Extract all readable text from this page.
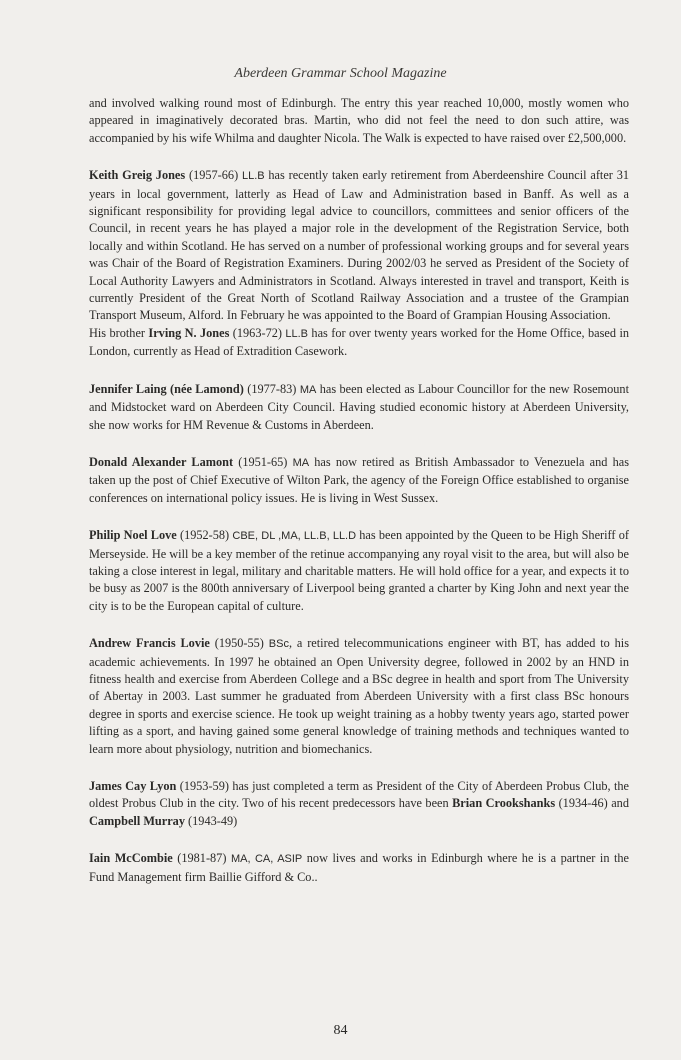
Aberdeen Grammar School Magazine

and involved walking round most of Edinburgh. The entry this year reached 10,000, mostly women who appeared in imaginatively decorated bras. Martin, who did not feel the need to don such attire, was accompanied by his wife Whilma and daughter Nicola. The Walk is expected to have raised over £2,500,000.

Keith Greig Jones (1957-66) LL.B has recently taken early retirement from Aberdeenshire Council after 31 years in local government, latterly as Head of Law and Administration based in Banff. As well as a significant responsibility for providing legal advice to councillors, committees and senior officers of the Council, in recent years he has played a major role in the development of the Registration Service, both locally and within Scotland. He has served on a number of professional working groups and for several years was Chair of the Board of Registration Examiners. During 2002/03 he served as President of the Society of Local Authority Lawyers and Administrators in Scotland. Always interested in travel and transport, Keith is currently President of the Great North of Scotland Railway Association and a trustee of the Grampian Transport Museum, Alford. In February he was appointed to the Board of Grampian Housing Association.

His brother Irving N. Jones (1963-72) LL.B has for over twenty years worked for the Home Office, based in London, currently as Head of Extradition Casework.

Jennifer Laing (née Lamond) (1977-83) MA has been elected as Labour Councillor for the new Rosemount and Midstocket ward on Aberdeen City Council. Having studied economic history at Aberdeen University, she now works for HM Revenue & Customs in Aberdeen.

Donald Alexander Lamont (1951-65) MA has now retired as British Ambassador to Venezuela and has taken up the post of Chief Executive of Wilton Park, the agency of the Foreign Office established to organise conferences on international policy issues. He is living in West Sussex.

Philip Noel Love (1952-58) CBE, DL ,MA, LL.B, LL.D has been appointed by the Queen to be High Sheriff of Merseyside. He will be a key member of the retinue accompanying any royal visit to the area, but will also be taking a close interest in legal, military and charitable matters. He will hold office for a year, and expects it to be busy as 2007 is the 800th anniversary of Liverpool being granted a charter by King John and next year the city is to be the European capital of culture.

Andrew Francis Lovie (1950-55) BSc, a retired telecommunications engineer with BT, has added to his academic achievements. In 1997 he obtained an Open University degree, followed in 2002 by an HND in fitness health and exercise from Aberdeen College and a BSc degree in health and sport from The University of Abertay in 2003. Last summer he graduated from Aberdeen University with a first class BSc honours degree in sports and exercise science. He took up weight training as a hobby twenty years ago, started power lifting as a sport, and having gained some general knowledge of training methods and techniques wanted to learn more about physiology, nutrition and biomechanics.

James Cay Lyon (1953-59) has just completed a term as President of the City of Aberdeen Probus Club, the oldest Probus Club in the city. Two of his recent predecessors have been Brian Crookshanks (1934-46) and Campbell Murray (1943-49)

Iain McCombie (1981-87) MA, CA, ASIP now lives and works in Edinburgh where he is a partner in the Fund Management firm Baillie Gifford & Co..

84
